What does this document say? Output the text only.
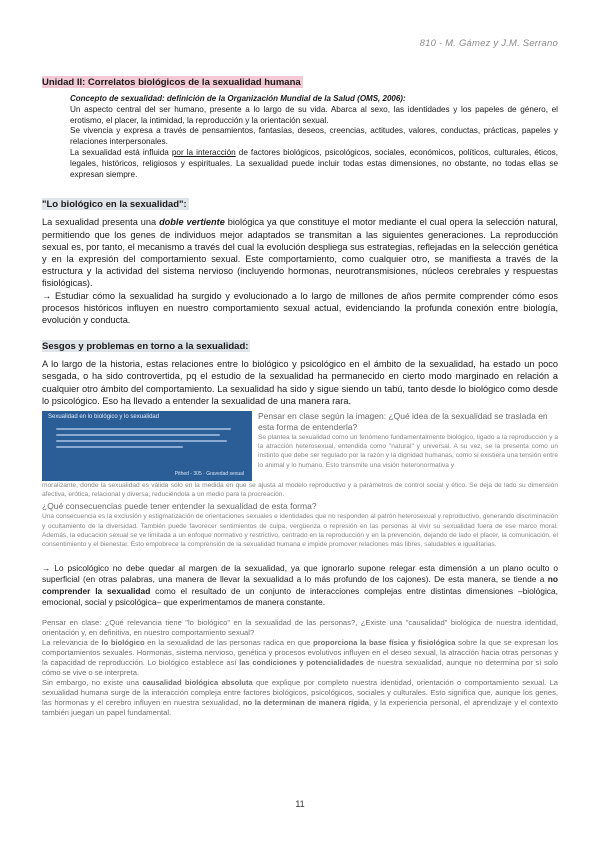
810 - M. Gámez y J.M. Serrano
Unidad II: Correlatos biológicos de la sexualidad humana
Concepto de sexualidad: definición de la Organización Mundial de la Salud (OMS, 2006):

Un aspecto central del ser humano, presente a lo largo de su vida. Abarca al sexo, las identidades y los papeles de género, el erotismo, el placer, la intimidad, la reproducción y la orientación sexual.

Se vivencia y expresa a través de pensamientos, fantasías, deseos, creencias, actitudes, valores, conductas, prácticas, papeles y relaciones interpersonales.

La sexualidad está influida por la interacción de factores biológicos, psicológicos, sociales, económicos, políticos, culturales, éticos, legales, históricos, religiosos y espirituales. La sexualidad puede incluir todas estas dimensiones, no obstante, no todas ellas se expresan siempre.

"Lo biológico en la sexualidad":

La sexualidad presenta una doble vertiente biológica ya que constituye el motor mediante el cual opera la selección natural, permitiendo que los genes de individuos mejor adaptados se transmitan a las siguientes generaciones. La reproducción sexual es, por tanto, el mecanismo a través del cual la evolución despliega sus estrategias, reflejadas en la selección genética y en la expresión del comportamiento sexual. Este comportamiento, como cualquier otro, se manifiesta a través de la estructura y la actividad del sistema nervioso (incluyendo hormonas, neurotransmisiones, núcleos cerebrales y respuestas fisiológicas).

→ Estudiar cómo la sexualidad ha surgido y evolucionado a lo largo de millones de años permite comprender cómo esos procesos históricos influyen en nuestro comportamiento sexual actual, evidenciando la profunda conexión entre biología, evolución y conducta.

Sesgos y problemas en torno a la sexualidad:

A lo largo de la historia, estas relaciones entre lo biológico y psicológico en el ámbito de la sexualidad, ha estado un poco sesgada, o ha sido controvertida, pq el estudio de la sexualidad ha permanecido en cierto modo marginado en relación a cualquier otro ámbito del comportamiento. La sexualidad ha sido y sigue siendo un tabú, tanto desde lo biológico como desde lo psicológico. Eso ha llevado a entender la sexualidad de una manera rara.

Sexualidad en lo biológico y lo sexualidad
Pithed - 305 · Gravedad sexual
Pensar en clase según la imagen: ¿Qué idea de la sexualidad se traslada en esta forma de entenderla?
Se plantea la sexualidad como un fenómeno fundamentalmente biológico, ligado a la reproducción y a la atracción heterosexual, entendida como "natural" y universal. A su vez, se la presenta como un instinto que debe ser regulado por la razón y la dignidad humanas, como si existiera una tensión entre lo animal y lo humano. Esto transmite una visión heteronormativa y
moralizante, donde la sexualidad es válida sólo en la medida en que se ajusta al modelo reproductivo y a parámetros de control social y ético. Se deja de lado su dimensión afectiva, erótica, relacional y diversa, reduciéndola a un medio para la procreación.
¿Qué consecuencias puede tener entender la sexualidad de esta forma?
Una consecuencia es la exclusión y estigmatización de orientaciones sexuales e identidades que no responden al patrón heterosexual y reproductivo, generando discriminación y ocultamiento de la diversidad. También puede favorecer sentimientos de culpa, vergüenza o represión en las personas al vivir su sexualidad fuera de ese marco moral. Además, la educación sexual se ve limitada a un enfoque normativo y restrictivo, centrado en la reproducción y en la prevención, dejando de lado el placer, la comunicación, el consentimiento y el bienestar. Esto empobrece la comprensión de la sexualidad humana e impide promover relaciones más libres, saludables e igualitarias.

→ Lo psicológico no debe quedar al margen de la sexualidad, ya que ignorarlo supone relegar esta dimensión a un plano oculto o superficial (en otras palabras, una manera de llevar la sexualidad a lo más profundo de los cajones). De esta manera, se tiende a no comprender la sexualidad como el resultado de un conjunto de interacciones complejas entre distintas dimensiones –biológica, emocional, social y psicológica– que experimentamos de manera constante.

Pensar en clase: ¿Qué relevancia tiene "lo biológico" en la sexualidad de las personas?, ¿Existe una "causalidad" biológica de nuestra identidad, orientación y, en definitiva, en nuestro comportamiento sexual?

La relevancia de lo biológico en la sexualidad de las personas radica en que proporciona la base física y fisiológica sobre la que se expresan los comportamientos sexuales. Hormonas, sistema nervioso, genética y procesos evolutivos influyen en el deseo sexual, la atracción hacia otras personas y la capacidad de reproducción. Lo biológico establece así las condiciones y potencialidades de nuestra sexualidad, aunque no determina por sí solo cómo se vive o se interpreta.

Sin embargo, no existe una causalidad biológica absoluta que explique por completo nuestra identidad, orientación o comportamiento sexual. La sexualidad humana surge de la interacción compleja entre factores biológicos, psicológicos, sociales y culturales. Esto significa que, aunque los genes, las hormonas y el cerebro influyen en nuestra sexualidad, no la determinan de manera rígida, y la experiencia personal, el aprendizaje y el contexto también juegan un papel fundamental.

11
